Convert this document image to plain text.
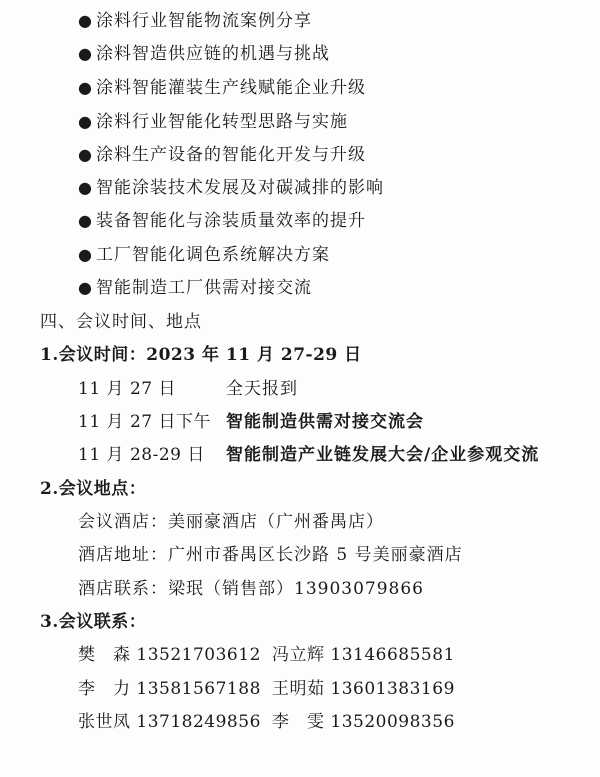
● 涂料行业智能物流案例分享
● 涂料智造供应链的机遇与挑战
● 涂料智能灌装生产线赋能企业升级
● 涂料行业智能化转型思路与实施
● 涂料生产设备的智能化开发与升级
● 智能涂装技术发展及对碳减排的影响
● 装备智能化与涂装质量效率的提升
● 工厂智能化调色系统解决方案
● 智能制造工厂供需对接交流
四、会议时间、地点
1.会议时间：2023 年 11 月 27-29 日
11 月 27 日	全天报到
11 月 27 日下午 智能制造供需对接交流会
11 月 28-29 日 智能制造产业链发展大会/企业参观交流
2.会议地点：
会议酒店：美丽豪酒店（广州番禺店）
酒店地址：广州市番禺区长沙路 5 号美丽豪酒店
酒店联系：梁珉（销售部）13903079866
3.会议联系：
樊　森 13521703612 冯立辉 13146685581
李　力 13581567188 王明茹 13601383169
张世凤 13718249856 李　雯 13520098356
